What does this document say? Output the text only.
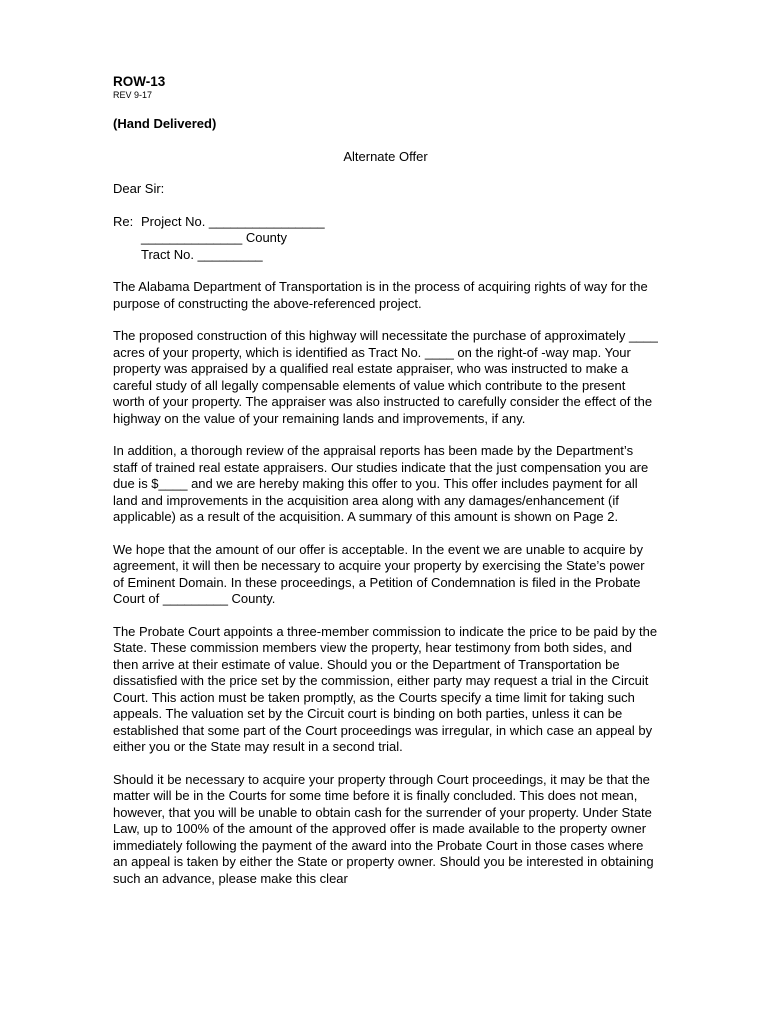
ROW-13
REV 9-17
(Hand Delivered)
Alternate Offer
Dear Sir:
Re: Project No. ________________
______________ County
Tract No. _________

The Alabama Department of Transportation is in the process of acquiring rights of way for the purpose of constructing the above-referenced project.

The proposed construction of this highway will necessitate the purchase of approximately ____ acres of your property, which is identified as Tract No. ____ on the right-of -way map. Your property was appraised by a qualified real estate appraiser, who was instructed to make a careful study of all legally compensable elements of value which contribute to the present worth of your property. The appraiser was also instructed to carefully consider the effect of the highway on the value of your remaining lands and improvements, if any.

In addition, a thorough review of the appraisal reports has been made by the Department’s staff of trained real estate appraisers. Our studies indicate that the just compensation you are due is $____ and we are hereby making this offer to you. This offer includes payment for all land and improvements in the acquisition area along with any damages/enhancement (if applicable) as a result of the acquisition. A summary of this amount is shown on Page 2.

We hope that the amount of our offer is acceptable. In the event we are unable to acquire by agreement, it will then be necessary to acquire your property by exercising the State’s power of Eminent Domain. In these proceedings, a Petition of Condemnation is filed in the Probate Court of _________ County.

The Probate Court appoints a three-member commission to indicate the price to be paid by the State. These commission members view the property, hear testimony from both sides, and then arrive at their estimate of value. Should you or the Department of Transportation be dissatisfied with the price set by the commission, either party may request a trial in the Circuit Court. This action must be taken promptly, as the Courts specify a time limit for taking such appeals. The valuation set by the Circuit court is binding on both parties, unless it can be established that some part of the Court proceedings was irregular, in which case an appeal by either you or the State may result in a second trial.

Should it be necessary to acquire your property through Court proceedings, it may be that the matter will be in the Courts for some time before it is finally concluded. This does not mean, however, that you will be unable to obtain cash for the surrender of your property. Under State Law, up to 100% of the amount of the approved offer is made available to the property owner immediately following the payment of the award into the Probate Court in those cases where an appeal is taken by either the State or property owner. Should you be interested in obtaining such an advance, please make this clear
